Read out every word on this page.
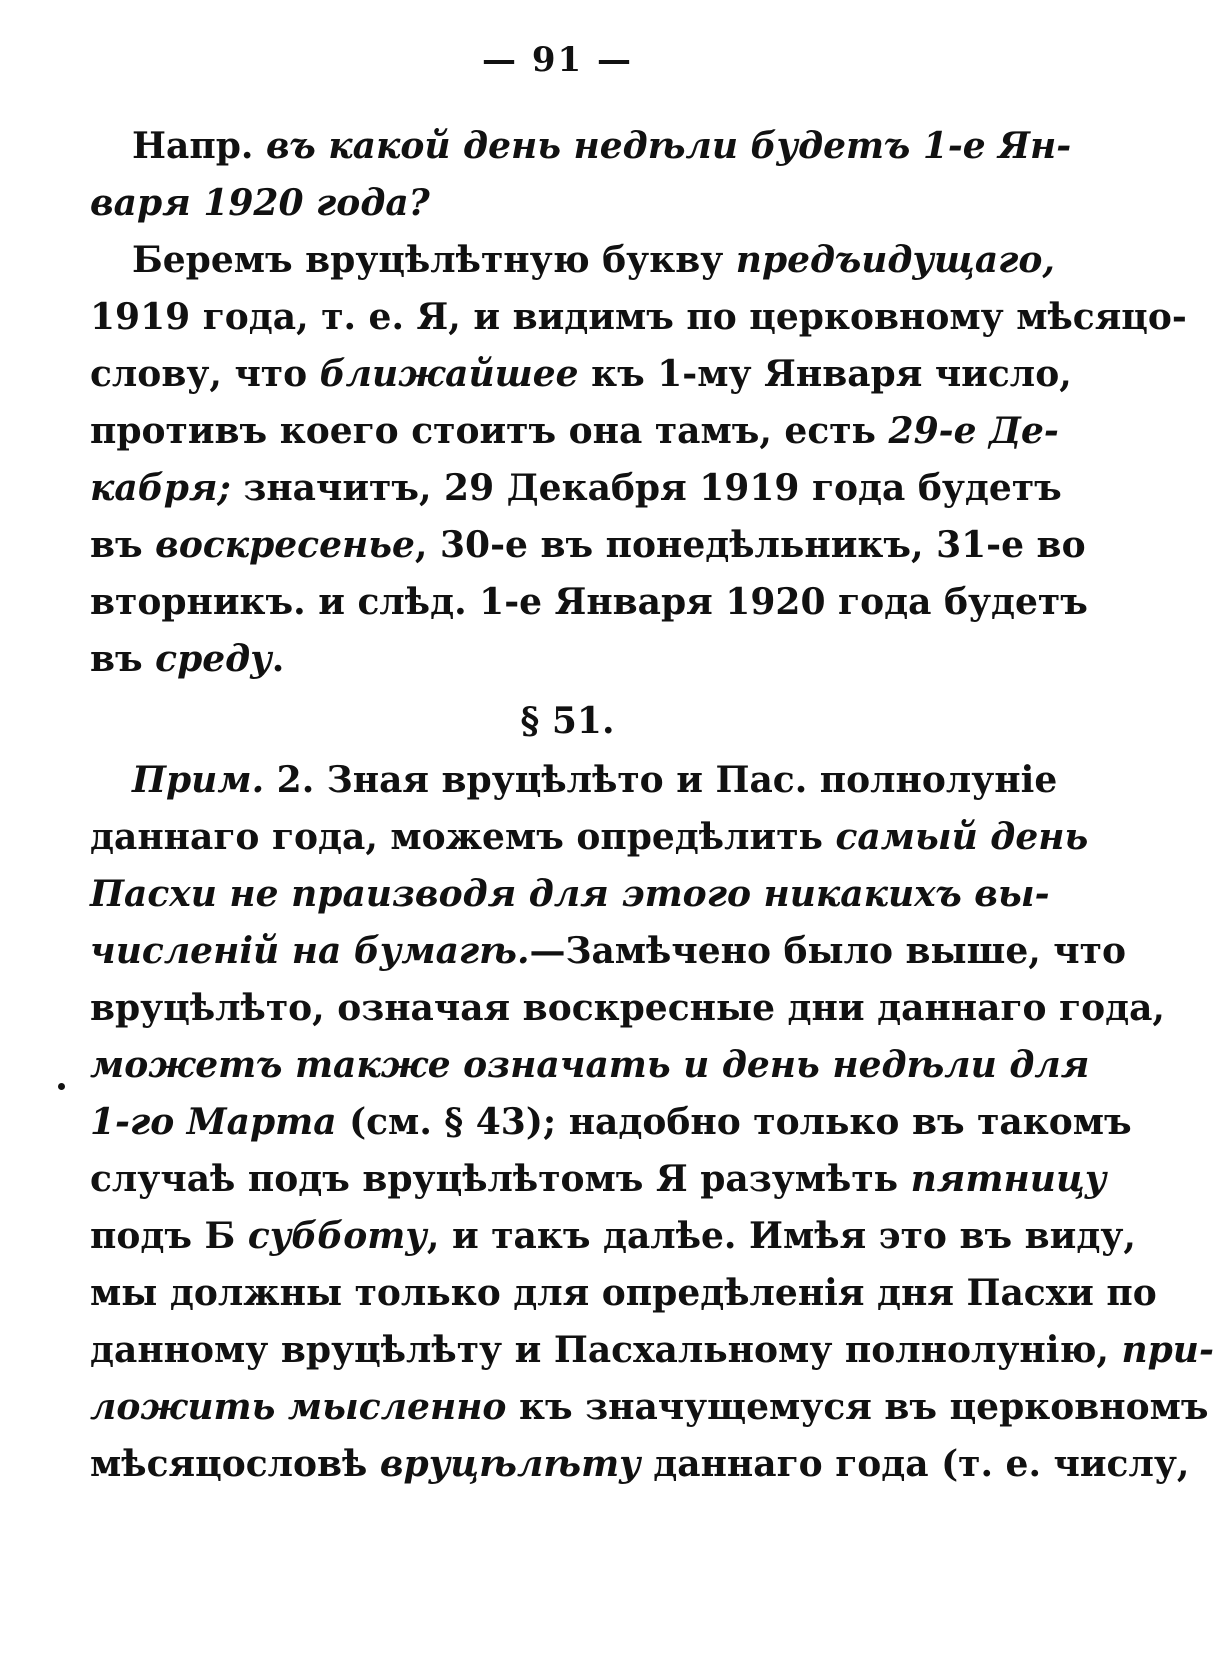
— 91 —
Напр. въ какой день недѣли будетъ 1-е Ян-
варя 1920 года?
Беремъ вруцѣлѣтную букву предъидущаго,
1919 года, т. е. Я, и видимъ по церковному мѣсяцо-
слову, что ближайшее къ 1-му Января число,
противъ коего стоитъ она тамъ, есть 29-е Де-
кабря; значитъ, 29 Декабря 1919 года будетъ
въ воскресенье, 30-е въ понедѣльникъ, 31-е во
вторникъ. и слѣд. 1-е Января 1920 года будетъ
въ среду.
§ 51.
Прим. 2. Зная вруцѣлѣто и Пас. полнолуніе
даннаго года, можемъ опредѣлить самый день
Пасхи не праизводя для этого никакихъ вы-
численій на бумагѣ.—Замѣчено было выше, что
вруцѣлѣто, означая воскресные дни даннаго года,
можетъ также означать и день недѣли для
1-го Марта (см. § 43); надобно только въ такомъ
случаѣ подъ вруцѣлѣтомъ Я разумѣть пятницу
подъ Б субботу, и такъ далѣе. Имѣя это въ виду,
мы должны только для опредѣленія дня Пасхи по
данному вруцѣлѣту и Пасхальному полнолунію, при-
ложить мысленно къ значущемуся въ церковномъ
мѣсяцословѣ вруцѣлѣту даннаго года (т. е. числу,
